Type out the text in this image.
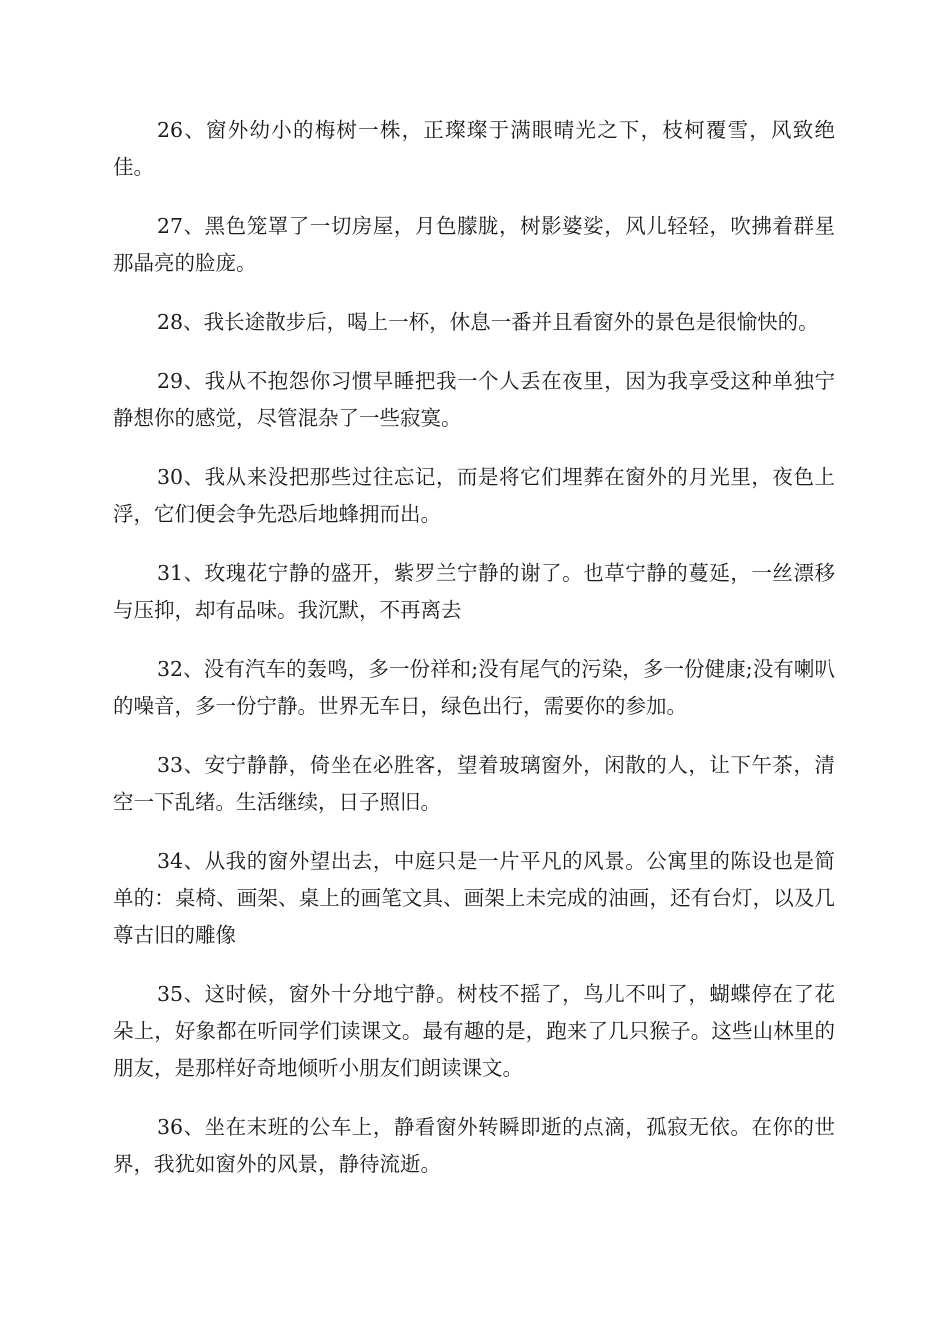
26、窗外幼小的梅树一株，正璨璨于满眼晴光之下，枝柯覆雪，风致绝佳。

27、黑色笼罩了一切房屋，月色朦胧，树影婆娑，风儿轻轻，吹拂着群星那晶亮的脸庞。

28、我长途散步后，喝上一杯，休息一番并且看窗外的景色是很愉快的。

29、我从不抱怨你习惯早睡把我一个人丢在夜里，因为我享受这种单独宁静想你的感觉，尽管混杂了一些寂寞。

30、我从来没把那些过往忘记，而是将它们埋葬在窗外的月光里，夜色上浮，它们便会争先恐后地蜂拥而出。

31、玫瑰花宁静的盛开，紫罗兰宁静的谢了。也草宁静的蔓延，一丝漂移与压抑，却有品味。我沉默，不再离去

32、没有汽车的轰鸣，多一份祥和;没有尾气的污染，多一份健康;没有喇叭的噪音，多一份宁静。世界无车日，绿色出行，需要你的参加。

33、安宁静静，倚坐在必胜客，望着玻璃窗外，闲散的人，让下午茶，清空一下乱绪。生活继续，日子照旧。

34、从我的窗外望出去，中庭只是一片平凡的风景。公寓里的陈设也是简单的：桌椅、画架、桌上的画笔文具、画架上未完成的油画，还有台灯，以及几尊古旧的雕像

35、这时候，窗外十分地宁静。树枝不摇了，鸟儿不叫了，蝴蝶停在了花朵上，好象都在听同学们读课文。最有趣的是，跑来了几只猴子。这些山林里的朋友，是那样好奇地倾听小朋友们朗读课文。

36、坐在末班的公车上，静看窗外转瞬即逝的点滴，孤寂无依。在你的世界，我犹如窗外的风景，静待流逝。
